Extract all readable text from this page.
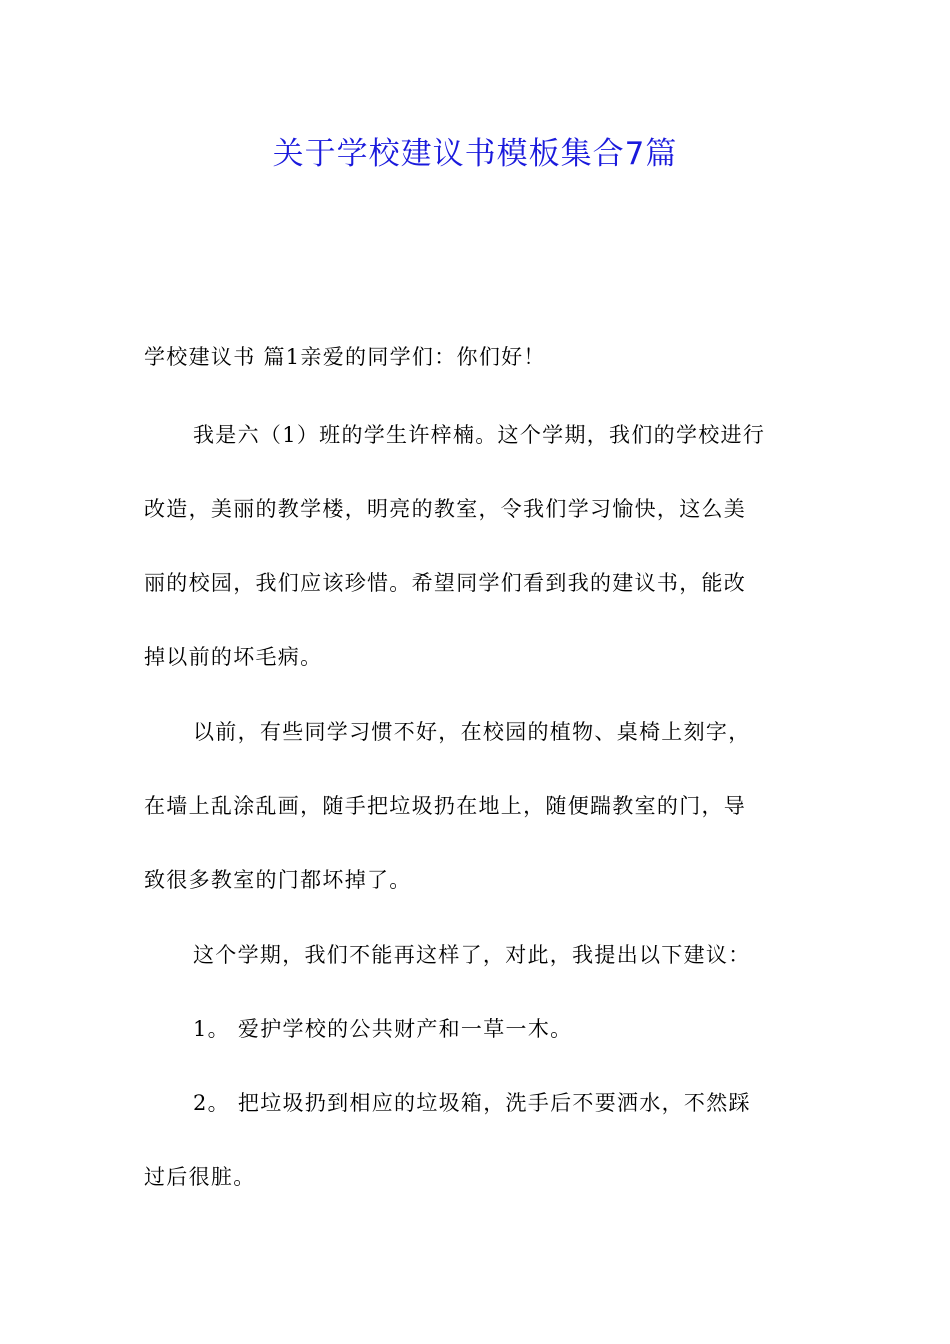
关于学校建议书模板集合7篇
学校建议书 篇1亲爱的同学们：你们好！
我是六（1）班的学生许梓楠。这个学期，我们的学校进行
改造，美丽的教学楼，明亮的教室，令我们学习愉快，这么美
丽的校园，我们应该珍惜。希望同学们看到我的建议书，能改
掉以前的坏毛病。
以前，有些同学习惯不好，在校园的植物、桌椅上刻字，
在墙上乱涂乱画，随手把垃圾扔在地上，随便踹教室的门，导
致很多教室的门都坏掉了。
这个学期，我们不能再这样了，对此，我提出以下建议：
1。 爱护学校的公共财产和一草一木。
2。 把垃圾扔到相应的垃圾箱，洗手后不要洒水，不然踩
过后很脏。
